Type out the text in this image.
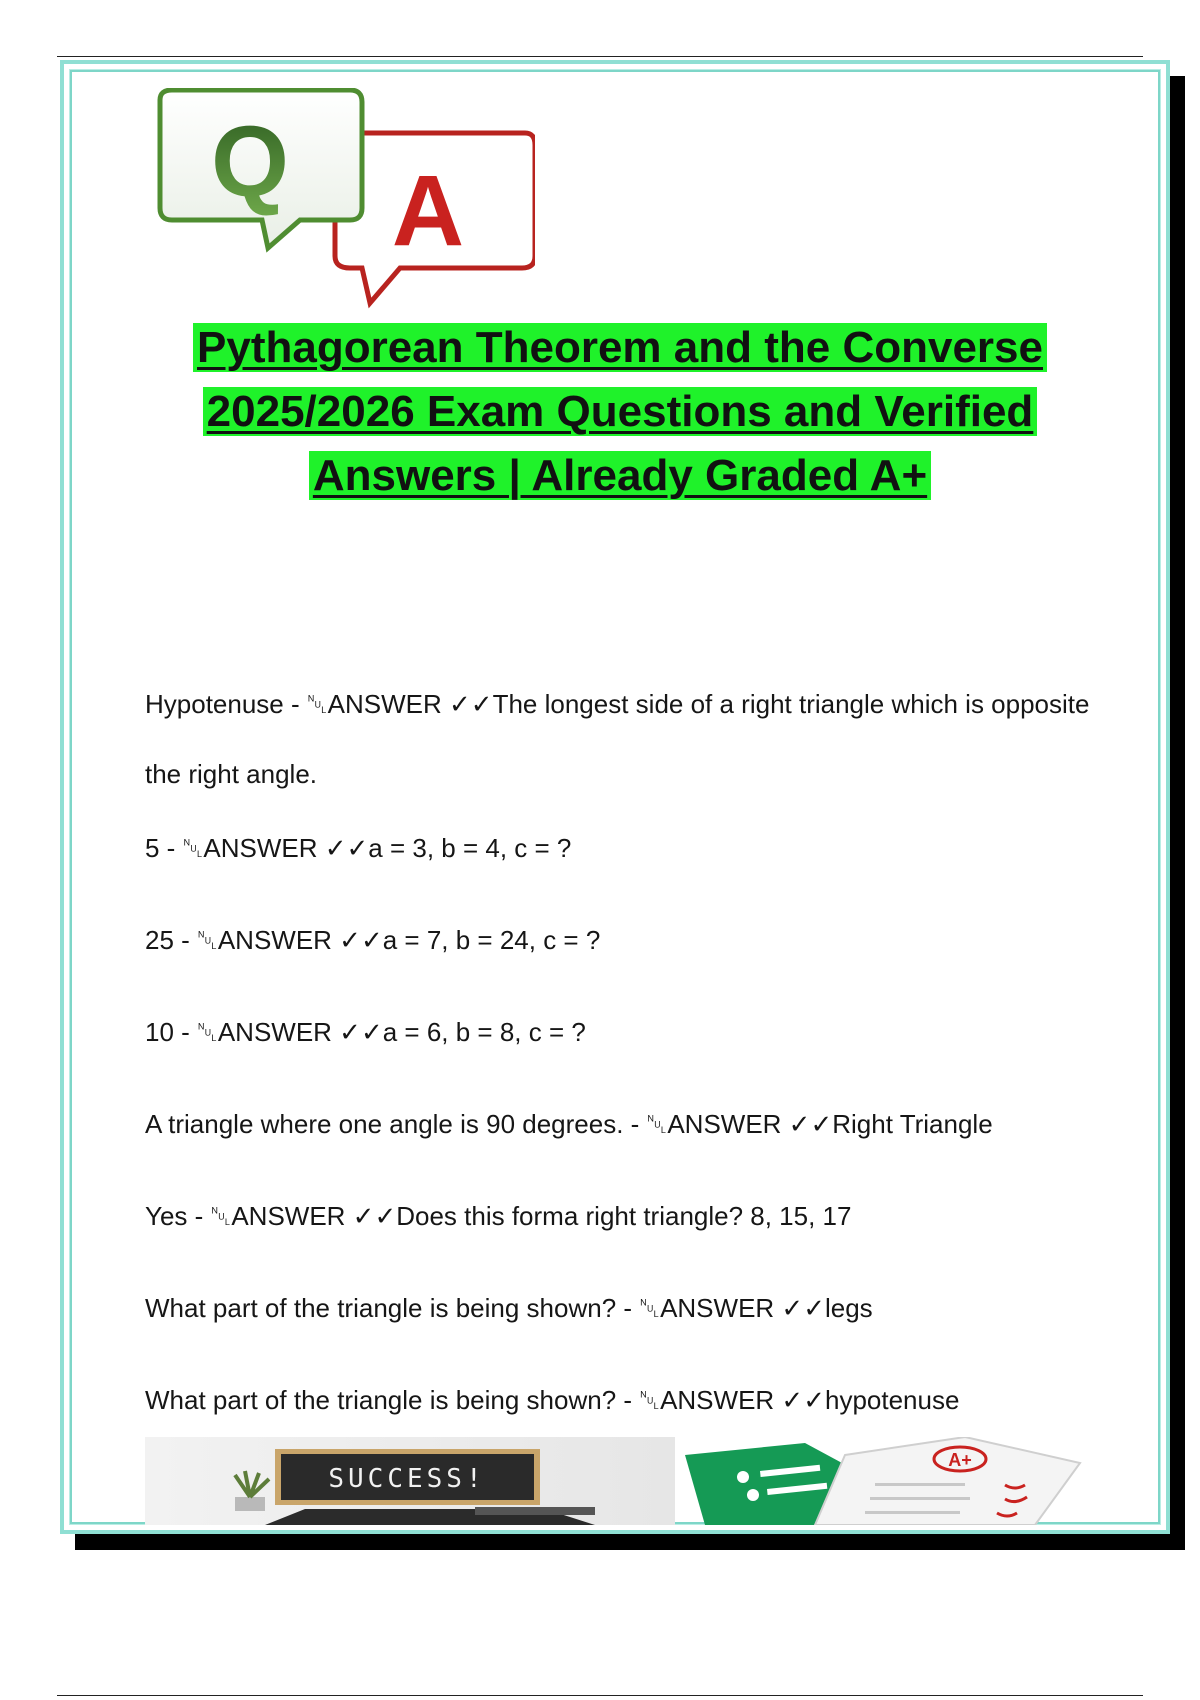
A
Q
Pythagorean Theorem and the Converse
2025/2026 Exam Questions and Verified
Answers | Already Graded A+
Hypotenuse - ␀ANSWER ✓✓The longest side of a right triangle which is opposite the right angle.
5 - ␀ANSWER ✓✓a = 3, b = 4, c = ?
25 - ␀ANSWER ✓✓a = 7, b = 24, c = ?
10 - ␀ANSWER ✓✓a = 6, b = 8, c = ?
A triangle where one angle is 90 degrees. - ␀ANSWER ✓✓Right Triangle
Yes - ␀ANSWER ✓✓Does this forma right triangle? 8, 15, 17
What part of the triangle is being shown? - ␀ANSWER ✓✓legs
What part of the triangle is being shown? - ␀ANSWER ✓✓hypotenuse
SUCCESS!
A+
